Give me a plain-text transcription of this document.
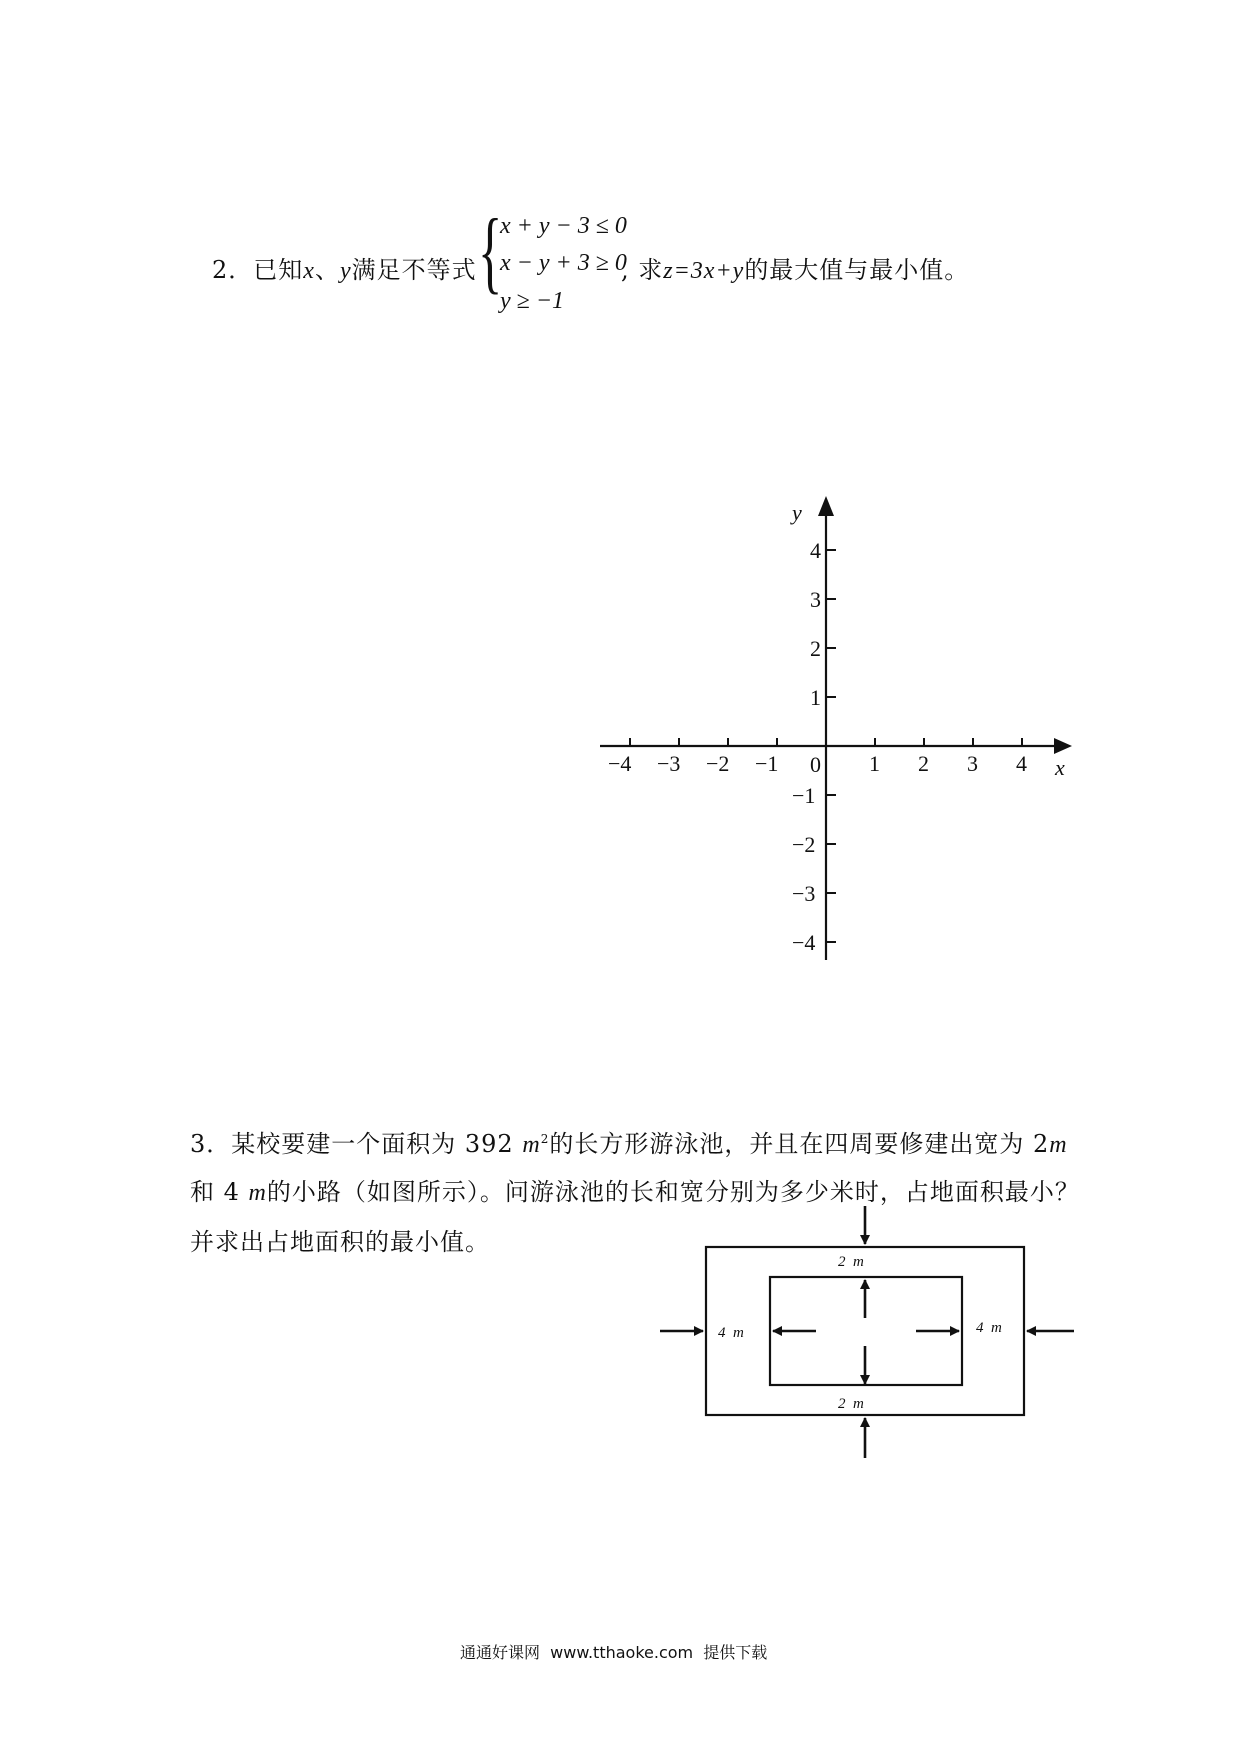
2．已知x、y满足不等式 {
x + y − 3 ≤ 0
x − y + 3 ≥ 0
y ≥ −1
, 求z=3x+y的最大值与最小值。
−4 −3 −2 −1	1 2 3 4
4
3
2
1
−1
−2
−3
−4
0	x
y
3．某校要建一个面积为 392 $m^2$的长方形游泳池，并且在四周要修建出宽为 2m
和 4 m的小路（如图所示）。问游泳池的长和宽分别为多少米时，占地面积最小？
并求出占地面积的最小值。
2  m
2  m
4  m	4  m
通通好课网  www.tthaoke.com  提供下载
